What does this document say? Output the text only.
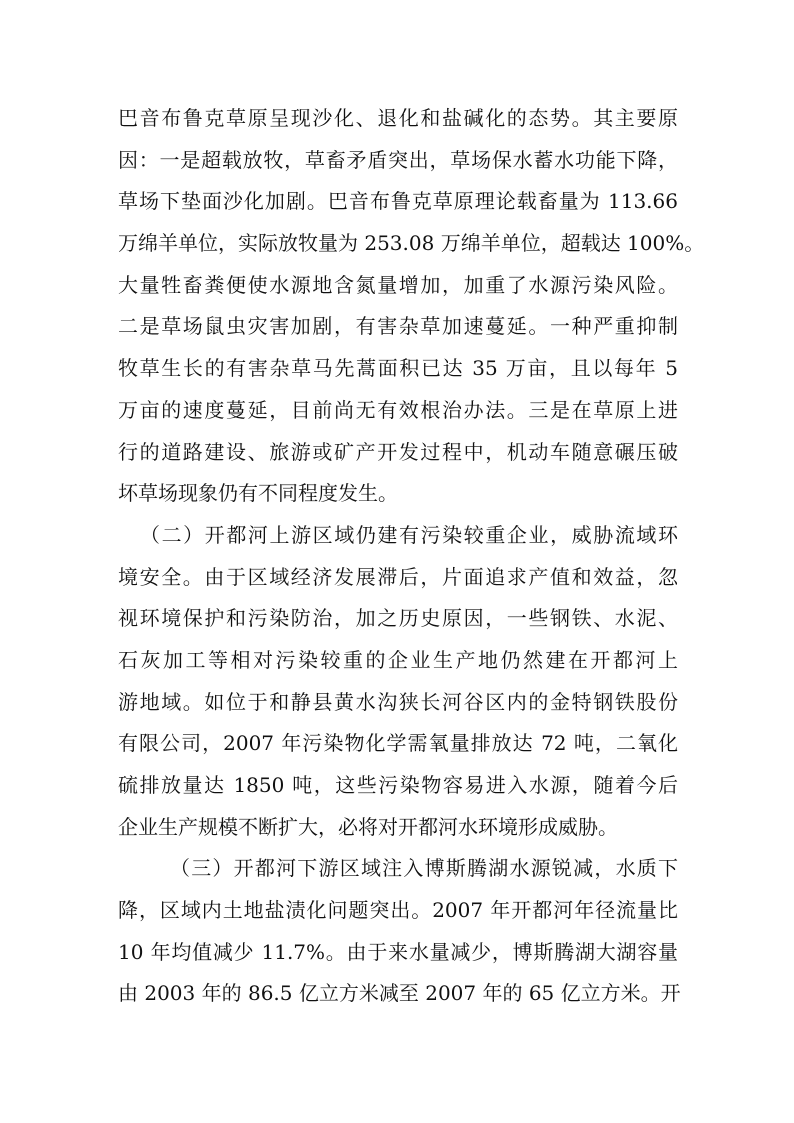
巴音布鲁克草原呈现沙化、退化和盐碱化的态势。其主要原
因：一是超载放牧，草畜矛盾突出，草场保水蓄水功能下降，
草场下垫面沙化加剧。巴音布鲁克草原理论载畜量为 113.66
万绵羊单位，实际放牧量为 253.08 万绵羊单位，超载达 100%。
大量牲畜粪便使水源地含氮量增加，加重了水源污染风险。
二是草场鼠虫灾害加剧，有害杂草加速蔓延。一种严重抑制
牧草生长的有害杂草马先蒿面积已达 35 万亩，且以每年 5
万亩的速度蔓延，目前尚无有效根治办法。三是在草原上进
行的道路建设、旅游或矿产开发过程中，机动车随意碾压破
坏草场现象仍有不同程度发生。
（二）开都河上游区域仍建有污染较重企业，威胁流域环
境安全。由于区域经济发展滞后，片面追求产值和效益，忽
视环境保护和污染防治，加之历史原因，一些钢铁、水泥、
石灰加工等相对污染较重的企业生产地仍然建在开都河上
游地域。如位于和静县黄水沟狭长河谷区内的金特钢铁股份
有限公司，2007 年污染物化学需氧量排放达 72 吨，二氧化
硫排放量达 1850 吨，这些污染物容易进入水源，随着今后
企业生产规模不断扩大，必将对开都河水环境形成威胁。
（三）开都河下游区域注入博斯腾湖水源锐减，水质下
降，区域内土地盐渍化问题突出。2007 年开都河年径流量比
10 年均值减少 11.7%。由于来水量减少，博斯腾湖大湖容量
由 2003 年的 86.5 亿立方米减至 2007 年的 65 亿立方米。开
